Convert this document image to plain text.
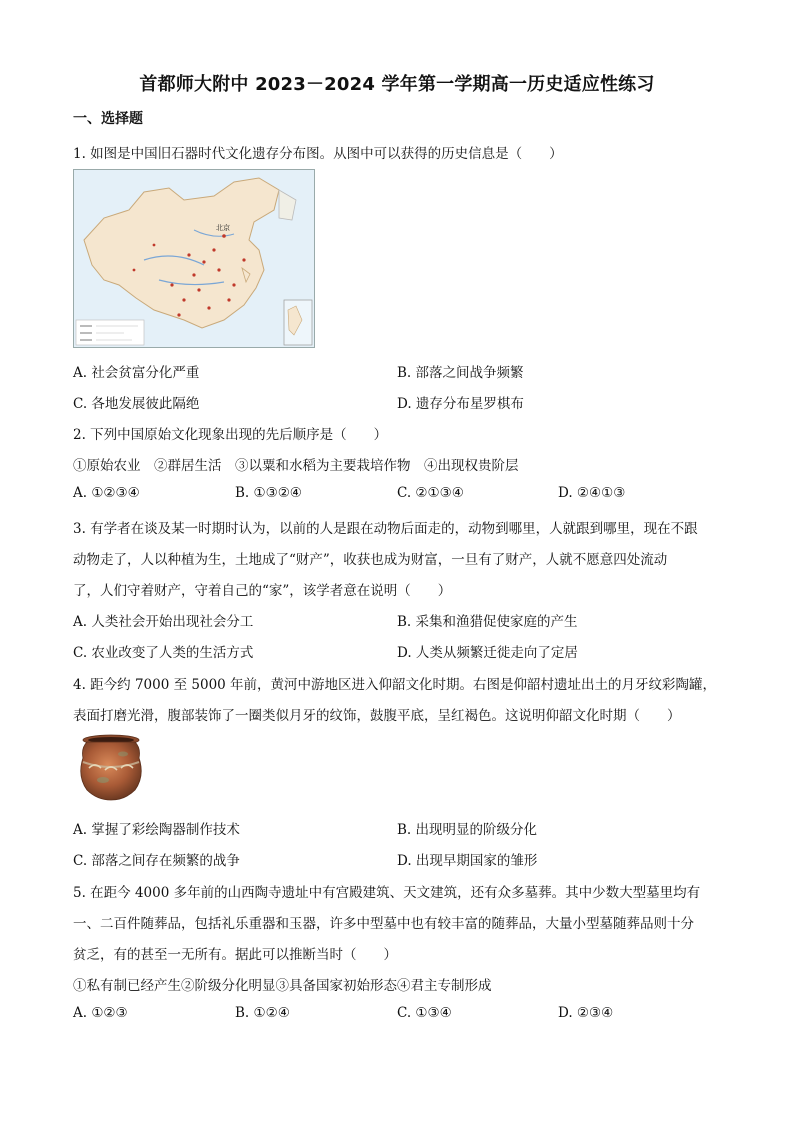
首都师大附中 2023－2024 学年第一学期高一历史适应性练习
一、选择题
1. 如图是中国旧石器时代文化遗存分布图。从图中可以获得的历史信息是（　　）
北京
A. 社会贫富分化严重	B. 部落之间战争频繁
C. 各地发展彼此隔绝	D. 遗存分布星罗棋布
2. 下列中国原始文化现象出现的先后顺序是（　　）
①原始农业　②群居生活　③以粟和水稻为主要栽培作物　④出现权贵阶层
A. ①②③④	B. ①③②④	C. ②①③④	D. ②④①③
3. 有学者在谈及某一时期时认为，以前的人是跟在动物后面走的，动物到哪里，人就跟到哪里，现在不跟
动物走了，人以种植为生，土地成了“财产”，收获也成为财富，一旦有了财产，人就不愿意四处流动
了，人们守着财产，守着自己的“家”，该学者意在说明（　　）
A. 人类社会开始出现社会分工	B. 采集和渔猎促使家庭的产生
C. 农业改变了人类的生活方式	D. 人类从频繁迁徙走向了定居
4. 距今约 7000 至 5000 年前，黄河中游地区进入仰韶文化时期。右图是仰韶村遗址出土的月牙纹彩陶罐，
表面打磨光滑，腹部装饰了一圈类似月牙的纹饰，鼓腹平底，呈红褐色。这说明仰韶文化时期（　　）
A. 掌握了彩绘陶器制作技术	B. 出现明显的阶级分化
C. 部落之间存在频繁的战争	D. 出现早期国家的雏形
5. 在距今 4000 多年前的山西陶寺遗址中有宫殿建筑、天文建筑，还有众多墓葬。其中少数大型墓里均有
一、二百件随葬品，包括礼乐重器和玉器，许多中型墓中也有较丰富的随葬品，大量小型墓随葬品则十分
贫乏，有的甚至一无所有。据此可以推断当时（　　）
①私有制已经产生②阶级分化明显③具备国家初始形态④君主专制形成
A. ①②③	B. ①②④	C. ①③④	D. ②③④
